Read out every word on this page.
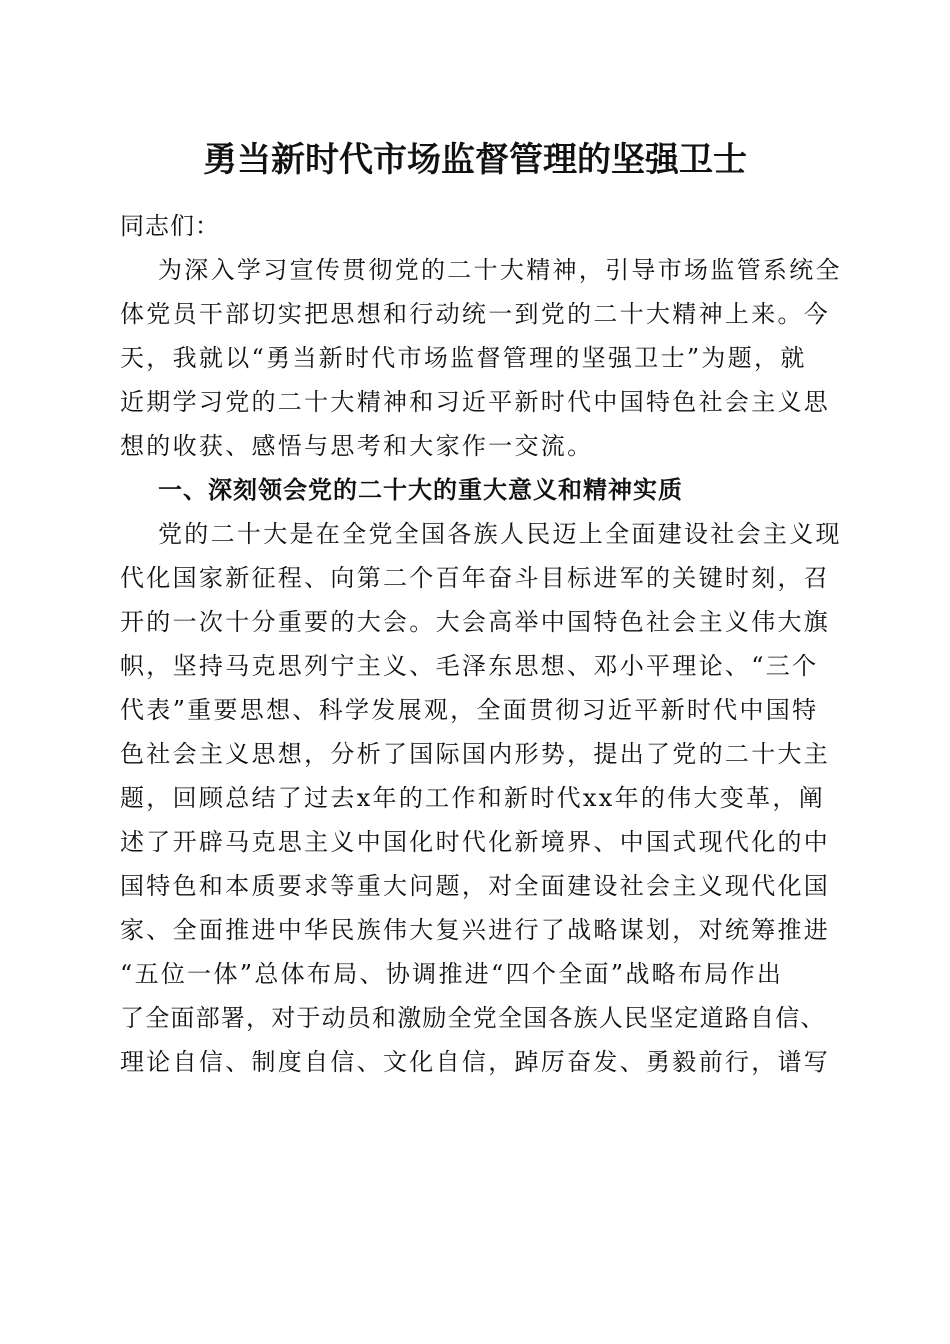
勇当新时代市场监督管理的坚强卫士
同志们：
为深入学习宣传贯彻党的二十大精神，引导市场监管系统全
体党员干部切实把思想和行动统一到党的二十大精神上来。今
天，我就以“勇当新时代市场监督管理的坚强卫士”为题，就
近期学习党的二十大精神和习近平新时代中国特色社会主义思
想的收获、感悟与思考和大家作一交流。
一、深刻领会党的二十大的重大意义和精神实质
党的二十大是在全党全国各族人民迈上全面建设社会主义现
代化国家新征程、向第二个百年奋斗目标进军的关键时刻，召
开的一次十分重要的大会。大会高举中国特色社会主义伟大旗
帜，坚持马克思列宁主义、毛泽东思想、邓小平理论、“三个
代表”重要思想、科学发展观，全面贯彻习近平新时代中国特
色社会主义思想，分析了国际国内形势，提出了党的二十大主
题，回顾总结了过去x年的工作和新时代xx年的伟大变革，阐
述了开辟马克思主义中国化时代化新境界、中国式现代化的中
国特色和本质要求等重大问题，对全面建设社会主义现代化国
家、全面推进中华民族伟大复兴进行了战略谋划，对统筹推进
“五位一体”总体布局、协调推进“四个全面”战略布局作出
了全面部署，对于动员和激励全党全国各族人民坚定道路自信、
理论自信、制度自信、文化自信，踔厉奋发、勇毅前行，谱写
